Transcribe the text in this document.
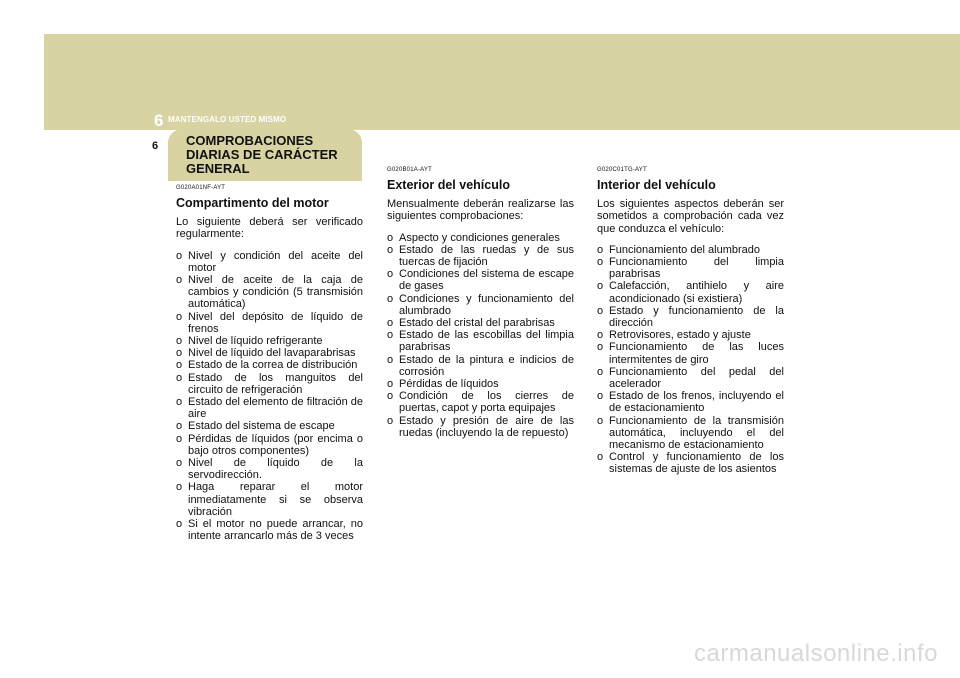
6 MANTENGALO USTED MISMO
COMPROBACIONES
DIARIAS DE CARÁCTER
GENERAL
6
G020A01NF-AYT
Compartimento del motor
Lo siguiente deberá ser verificado regularmente:
o Nivel y condición del aceite del motor
o Nivel de aceite de la caja de cambios y condición (5 transmisión automática)
o Nivel del depósito de líquido de frenos
o Nivel de líquido refrigerante
o Nivel de líquido del lavaparabrisas
o Estado de la correa de distribución
o Estado de los manguitos del circuito de refrigeración
o Estado del elemento de filtración de aire
o Estado del sistema de escape
o Pérdidas de líquidos (por encima o bajo otros componentes)
o Nivel de líquido de la servodirección.
o Haga reparar el motor inmediatamente si se observa vibración
o Si el motor no puede arrancar, no intente arrancarlo más de 3 veces
G020B01A-AYT
Exterior del vehículo
Mensualmente deberán realizarse las siguientes comprobaciones:
o Aspecto y condiciones generales
o Estado de las ruedas y de sus tuercas de fijación
o Condiciones del sistema de escape de gases
o Condiciones y funcionamiento del alumbrado
o Estado del cristal del parabrisas
o Estado de las escobillas del limpia parabrisas
o Estado de la pintura e indicios de corrosión
o Pérdidas de líquidos
o Condición de los cierres de puertas, capot y porta equipajes
o Estado y presión de aire de las ruedas (incluyendo la de repuesto)
G020C01TG-AYT
Interior del vehículo
Los siguientes aspectos deberán ser sometidos a comprobación cada vez que conduzca el vehículo:
o Funcionamiento del alumbrado
o Funcionamiento del limpia parabrisas
o Calefacción, antihielo y aire acondicionado (si existiera)
o Estado y funcionamiento de la dirección
o Retrovisores, estado y ajuste
o Funcionamiento de las luces intermitentes de giro
o Funcionamiento del pedal del acelerador
o Estado de los frenos, incluyendo el de estacionamiento
o Funcionamiento de la transmisión automática, incluyendo el del mecanismo de estacionamiento
o Control y funcionamiento de los sistemas de ajuste de los asientos
carmanualsonline.info
